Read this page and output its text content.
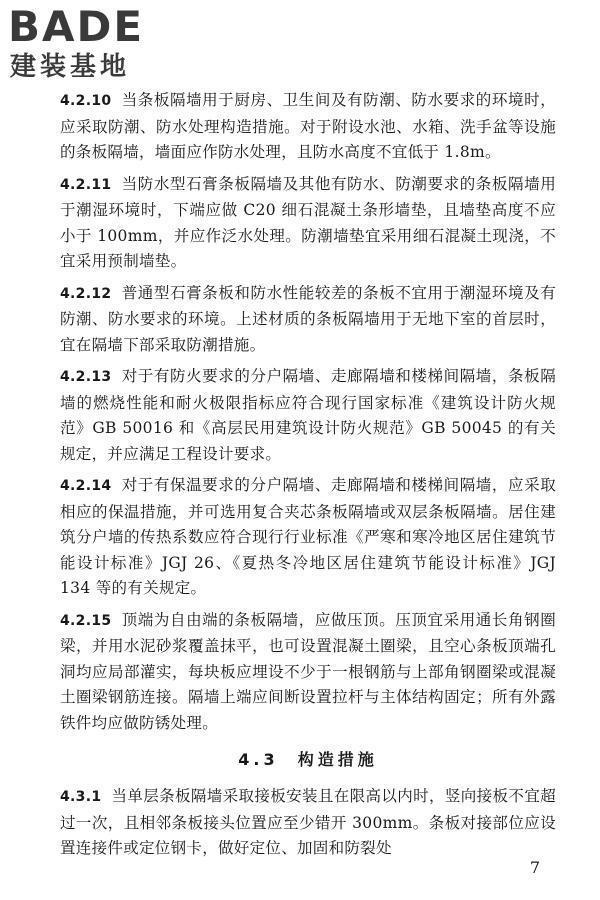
BADE
建装基地

4.2.10 当条板隔墙用于厨房、卫生间及有防潮、防水要求的环境时，应采取防潮、防水处理构造措施。对于附设水池、水箱、洗手盆等设施的条板隔墙，墙面应作防水处理，且防水高度不宜低于 1.8m。

4.2.11 当防水型石膏条板隔墙及其他有防水、防潮要求的条板隔墙用于潮湿环境时，下端应做 C20 细石混凝土条形墙垫，且墙垫高度不应小于 100mm，并应作泛水处理。防潮墙垫宜采用细石混凝土现浇，不宜采用预制墙垫。

4.2.12 普通型石膏条板和防水性能较差的条板不宜用于潮湿环境及有防潮、防水要求的环境。上述材质的条板隔墙用于无地下室的首层时，宜在隔墙下部采取防潮措施。

4.2.13 对于有防火要求的分户隔墙、走廊隔墙和楼梯间隔墙，条板隔墙的燃烧性能和耐火极限指标应符合现行国家标准《建筑设计防火规范》GB 50016 和《高层民用建筑设计防火规范》GB 50045 的有关规定，并应满足工程设计要求。

4.2.14 对于有保温要求的分户隔墙、走廊隔墙和楼梯间隔墙，应采取相应的保温措施，并可选用复合夹芯条板隔墙或双层条板隔墙。居住建筑分户墙的传热系数应符合现行行业标准《严寒和寒冷地区居住建筑节能设计标准》JGJ 26、《夏热冬冷地区居住建筑节能设计标准》JGJ 134 等的有关规定。

4.2.15 顶端为自由端的条板隔墙，应做压顶。压顶宜采用通长角钢圈梁，并用水泥砂浆覆盖抹平，也可设置混凝土圈梁，且空心条板顶端孔洞均应局部灌实，每块板应埋设不少于一根钢筋与上部角钢圈梁或混凝土圈梁钢筋连接。隔墙上端应间断设置拉杆与主体结构固定；所有外露铁件均应做防锈处理。

4.3 构造措施

4.3.1 当单层条板隔墙采取接板安装且在限高以内时，竖向接板不宜超过一次，且相邻条板接头位置应至少错开 300mm。条板对接部位应设置连接件或定位钢卡，做好定位、加固和防裂处

7
